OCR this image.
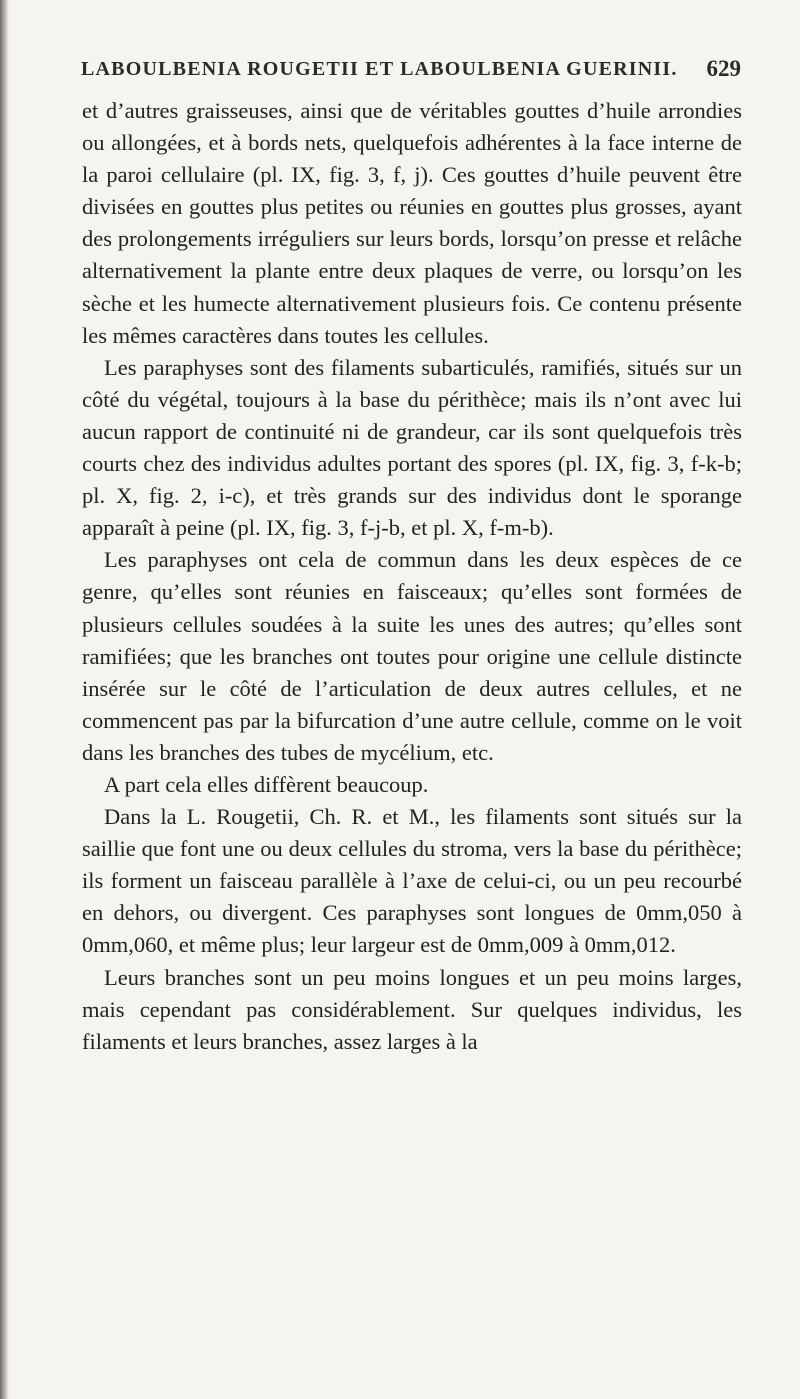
LABOULBENIA ROUGETII ET LABOULBENIA GUERINII. 629

et d’autres graisseuses, ainsi que de véritables gouttes d’huile arrondies ou allongées, et à bords nets, quelquefois adhérentes à la face interne de la paroi cellulaire (pl. IX, fig. 3, f, j). Ces gouttes d’huile peuvent être divisées en gouttes plus petites ou réunies en gouttes plus grosses, ayant des prolongements irréguliers sur leurs bords, lorsqu’on presse et relâche alternativement la plante entre deux plaques de verre, ou lorsqu’on les sèche et les humecte alternativement plusieurs fois. Ce contenu présente les mêmes caractères dans toutes les cellules.

Les paraphyses sont des filaments subarticulés, ramifiés, situés sur un côté du végétal, toujours à la base du périthèce; mais ils n’ont avec lui aucun rapport de continuité ni de grandeur, car ils sont quelquefois très courts chez des individus adultes portant des spores (pl. IX, fig. 3, f-k-b; pl. X, fig. 2, i-c), et très grands sur des individus dont le sporange apparaît à peine (pl. IX, fig. 3, f-j-b, et pl. X, f-m-b).

Les paraphyses ont cela de commun dans les deux espèces de ce genre, qu’elles sont réunies en faisceaux; qu’elles sont formées de plusieurs cellules soudées à la suite les unes des autres; qu’elles sont ramifiées; que les branches ont toutes pour origine une cellule distincte insérée sur le côté de l’articulation de deux autres cellules, et ne commencent pas par la bifurcation d’une autre cellule, comme on le voit dans les branches des tubes de mycélium, etc.

A part cela elles diffèrent beaucoup.

Dans la L. Rougetii, Ch. R. et M., les filaments sont situés sur la saillie que font une ou deux cellules du stroma, vers la base du périthèce; ils forment un faisceau parallèle à l’axe de celui-ci, ou un peu recourbé en dehors, ou divergent. Ces paraphyses sont longues de 0mm,050 à 0mm,060, et même plus; leur largeur est de 0mm,009 à 0mm,012.

Leurs branches sont un peu moins longues et un peu moins larges, mais cependant pas considérablement. Sur quelques individus, les filaments et leurs branches, assez larges à la
